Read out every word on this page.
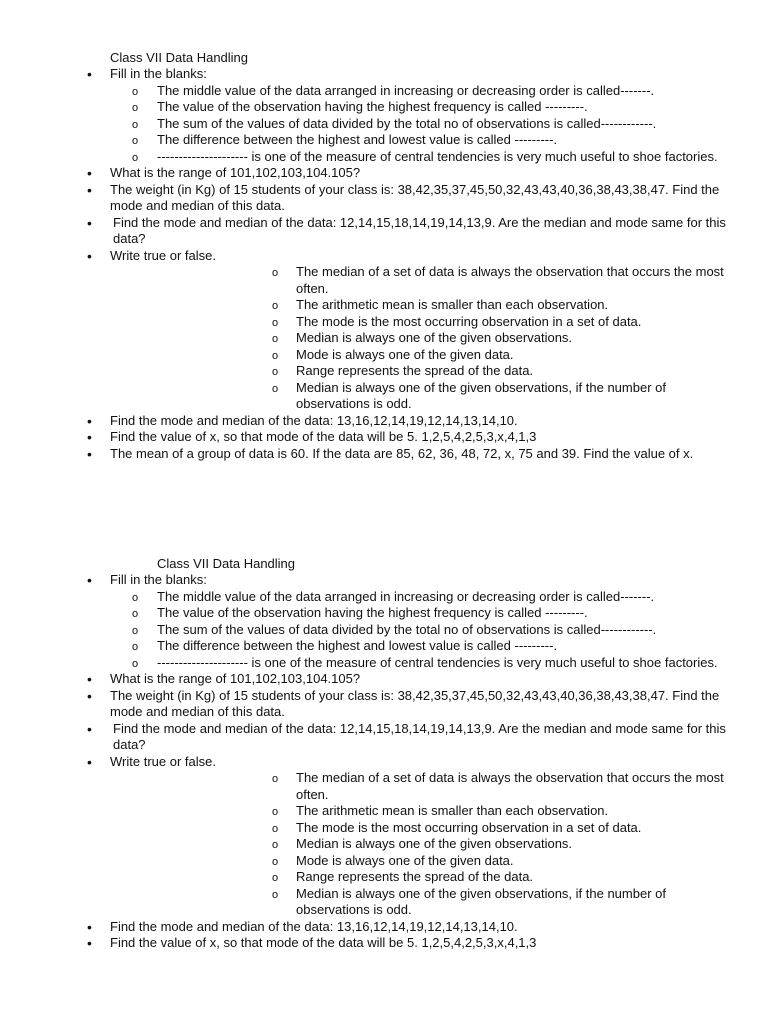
Class VII Data Handling
• Fill in the blanks:
o The middle value of the data arranged in increasing or decreasing order is called-------.
o The value of the observation having the highest frequency is called ---------.
o The sum of the values of data divided by the total no of observations is called------------.
o The difference between the highest and lowest value is called ---------.
o --------------------- is one of the measure of central tendencies is very much useful to shoe factories.
• What is the range of 101,102,103,104.105?
• The weight (in Kg) of 15 students of your class is: 38,42,35,37,45,50,32,43,43,40,36,38,43,38,47. Find the mode and median of this data.
• Find the mode and median of the data: 12,14,15,18,14,19,14,13,9. Are the median and mode same for this data?
• Write true or false.
o The median of a set of data is always the observation that occurs the most often.
o The arithmetic mean is smaller than each observation.
o The mode is the most occurring observation in a set of data.
o Median is always one of the given observations.
o Mode is always one of the given data.
o Range represents the spread of the data.
o Median is always one of the given observations, if the number of observations is odd.
• Find the mode and median of the data: 13,16,12,14,19,12,14,13,14,10.
• Find the value of x, so that mode of the data will be 5. 1,2,5,4,2,5,3,x,4,1,3
• The mean of a group of data is 60. If the data are 85, 62, 36, 48, 72, x, 75 and 39. Find the value of x.
Class VII Data Handling
• Fill in the blanks:
o The middle value of the data arranged in increasing or decreasing order is called-------.
o The value of the observation having the highest frequency is called ---------.
o The sum of the values of data divided by the total no of observations is called------------.
o The difference between the highest and lowest value is called ---------.
o --------------------- is one of the measure of central tendencies is very much useful to shoe factories.
• What is the range of 101,102,103,104.105?
• The weight (in Kg) of 15 students of your class is: 38,42,35,37,45,50,32,43,43,40,36,38,43,38,47. Find the mode and median of this data.
• Find the mode and median of the data: 12,14,15,18,14,19,14,13,9. Are the median and mode same for this data?
• Write true or false.
o The median of a set of data is always the observation that occurs the most often.
o The arithmetic mean is smaller than each observation.
o The mode is the most occurring observation in a set of data.
o Median is always one of the given observations.
o Mode is always one of the given data.
o Range represents the spread of the data.
o Median is always one of the given observations, if the number of observations is odd.
• Find the mode and median of the data: 13,16,12,14,19,12,14,13,14,10.
• Find the value of x, so that mode of the data will be 5. 1,2,5,4,2,5,3,x,4,1,3
